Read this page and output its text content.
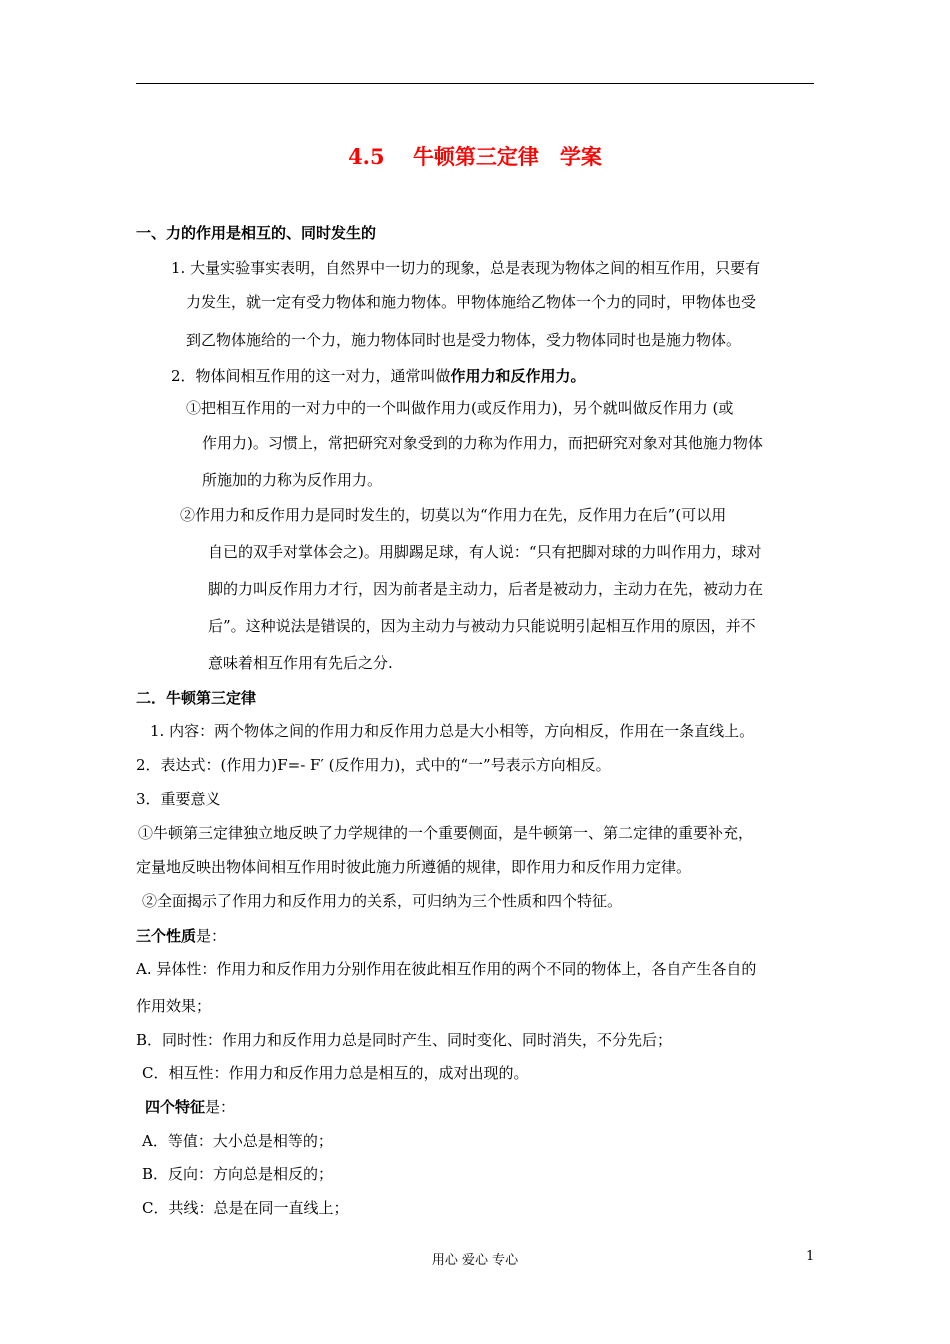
4.5　 牛顿第三定律　学案
一、力的作用是相互的、同时发生的
1. 大量实验事实表明，自然界中一切力的现象，总是表现为物体之间的相互作用，只要有
力发生，就一定有受力物体和施力物体。甲物体施给乙物体一个力的同时，甲物体也受
到乙物体施给的一个力，施力物体同时也是受力物体，受力物体同时也是施力物体。
2．物体间相互作用的这一对力，通常叫做作用力和反作用力。
①把相互作用的一对力中的一个叫做作用力(或反作用力)，另个就叫做反作用力 (或
作用力)。习惯上，常把研究对象受到的力称为作用力，而把研究对象对其他施力物体
所施加的力称为反作用力。
②作用力和反作用力是同时发生的，切莫以为“作用力在先，反作用力在后”(可以用
自已的双手对掌体会之)。用脚踢足球，有人说：“只有把脚对球的力叫作用力，球对
脚的力叫反作用力才行，因为前者是主动力，后者是被动力，主动力在先，被动力在
后”。这种说法是错误的，因为主动力与被动力只能说明引起相互作用的原因，并不
意味着相互作用有先后之分.
二．牛顿第三定律
1. 内容：两个物体之间的作用力和反作用力总是大小相等，方向相反，作用在一条直线上。
2．表达式：(作用力)F=- F′ (反作用力)，式中的“一”号表示方向相反。
3．重要意义
①牛顿第三定律独立地反映了力学规律的一个重要侧面，是牛顿第一、第二定律的重要补充，
定量地反映出物体间相互作用时彼此施力所遵循的规律，即作用力和反作用力定律。
②全面揭示了作用力和反作用力的关系，可归纳为三个性质和四个特征。
三个性质是：
A. 异体性：作用力和反作用力分别作用在彼此相互作用的两个不同的物体上，各自产生各自的
作用效果；
B．同时性：作用力和反作用力总是同时产生、同时变化、同时消失，不分先后；
C．相互性：作用力和反作用力总是相互的，成对出现的。
四个特征是：
A．等值：大小总是相等的；
B．反向：方向总是相反的；
C．共线：总是在同一直线上；
用心 爱心 专心	1
